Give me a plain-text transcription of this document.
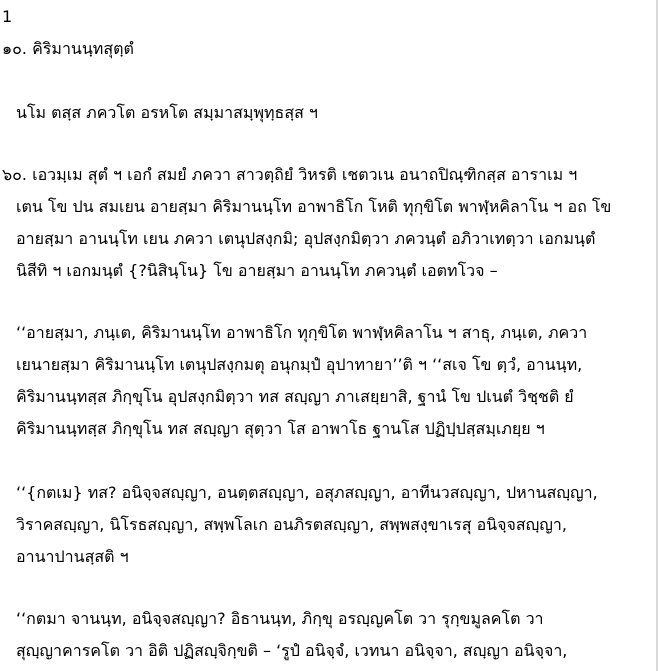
1
๑๐. คิริมานนฺทสุตฺตํ
นโม ตสฺส ภควโต อรหโต สมฺมาสมฺพุทฺธสฺส ฯ
๖๐. เอวมฺเม สุตํ ฯ เอกํ สมยํ ภควา สาวตฺถิยํ วิหรติ เชตวเน อนาถปิณฺฑิกสฺส อาราเม ฯ
เตน โข ปน สมเยน อายสฺมา คิริมานนฺโท อาพาธิโก โหติ ทุกฺขิโต พาฬฺหคิลาโน ฯ อถ โข
อายสฺมา อานนฺโท เยน ภควา เตนุปสงฺกมิ; อุปสงฺกมิตฺวา ภควนฺตํ อภิวาเทตฺวา เอกมนฺตํ
นิสีทิ ฯ เอกมนฺตํ {?นิสินฺโน} โข อายสฺมา อานนฺโท ภควนฺตํ เอตทโวจ –
‘‘อายสฺมา, ภนฺเต, คิริมานนฺโท อาพาธิโก ทุกฺขิโต พาฬฺหคิลาโน ฯ สาธุ, ภนฺเต, ภควา
เยนายสฺมา คิริมานนฺโท เตนุปสงฺกมตุ อนุกมฺปํ อุปาทายา’’ติ ฯ ‘‘สเจ โข ตฺวํ, อานนฺท,
คิริมานนฺทสฺส ภิกฺขุโน อุปสงฺกมิตฺวา ทส สญฺญา ภาเสยฺยาสิ, ฐานํ โข ปเนตํ วิชฺชติ ยํ
คิริมานนฺทสฺส ภิกฺขุโน ทส สญฺญา สุตฺวา โส อาพาโธ ฐานโส ปฏิปฺปสฺสมฺเภยฺย ฯ
‘‘{กตเม} ทส? อนิจฺจสญฺญา, อนตฺตสญฺญา, อสุภสญฺญา, อาทีนวสญฺญา, ปหานสญฺญา,
วิราคสญฺญา, นิโรธสญฺญา, สพฺพโลเก อนภิรตสญฺญา, สพฺพสงฺขาเรสุ อนิจฺจสญฺญา,
อานาปานสฺสติ ฯ
‘‘กตมา จานนฺท, อนิจฺจสญฺญา? อิธานนฺท, ภิกฺขุ อรญฺญคโต วา รุกฺขมูลคโต วา
สุญฺญาคารคโต วา อิติ ปฏิสญฺจิกฺขติ – ‘รูปํ อนิจฺจํ, เวทนา อนิจฺจา, สญฺญา อนิจฺจา,
